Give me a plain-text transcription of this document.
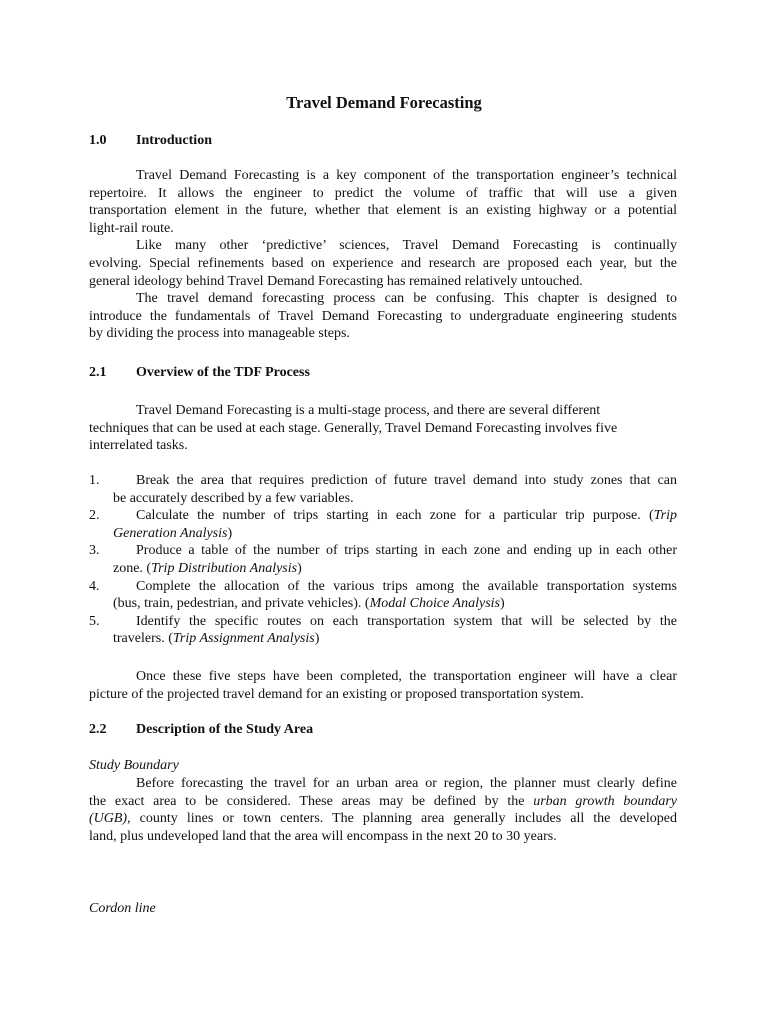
Travel Demand Forecasting
1.0 Introduction
Travel Demand Forecasting is a key component of the transportation engineer’s technical
repertoire. It allows the engineer to predict the volume of traffic that will use a given
transportation element in the future, whether that element is an existing highway or a potential
light-rail route.
Like many other ‘predictive’ sciences, Travel Demand Forecasting is continually
evolving. Special refinements based on experience and research are proposed each year, but the
general ideology behind Travel Demand Forecasting has remained relatively untouched.
The travel demand forecasting process can be confusing. This chapter is designed to
introduce the fundamentals of Travel Demand Forecasting to undergraduate engineering students
by dividing the process into manageable steps.
2.1 Overview of the TDF Process
Travel Demand Forecasting is a multi-stage process, and there are several different
techniques that can be used at each stage. Generally, Travel Demand Forecasting involves five
interrelated tasks.
1.	Break the area that requires prediction of future travel demand into study zones that can
be accurately described by a few variables.
2.	Calculate the number of trips starting in each zone for a particular trip purpose. (Trip
Generation Analysis)
3.	Produce a table of the number of trips starting in each zone and ending up in each other
zone. (Trip Distribution Analysis)
4.	Complete the allocation of the various trips among the available transportation systems
(bus, train, pedestrian, and private vehicles). (Modal Choice Analysis)
5.	Identify the specific routes on each transportation system that will be selected by the
travelers. (Trip Assignment Analysis)
Once these five steps have been completed, the transportation engineer will have a clear
picture of the projected travel demand for an existing or proposed transportation system.
2.2 Description of the Study Area
Study Boundary
Before forecasting the travel for an urban area or region, the planner must clearly define
the exact area to be considered. These areas may be defined by the urban growth boundary
(UGB), county lines or town centers. The planning area generally includes all the developed
land, plus undeveloped land that the area will encompass in the next 20 to 30 years.
Cordon line
